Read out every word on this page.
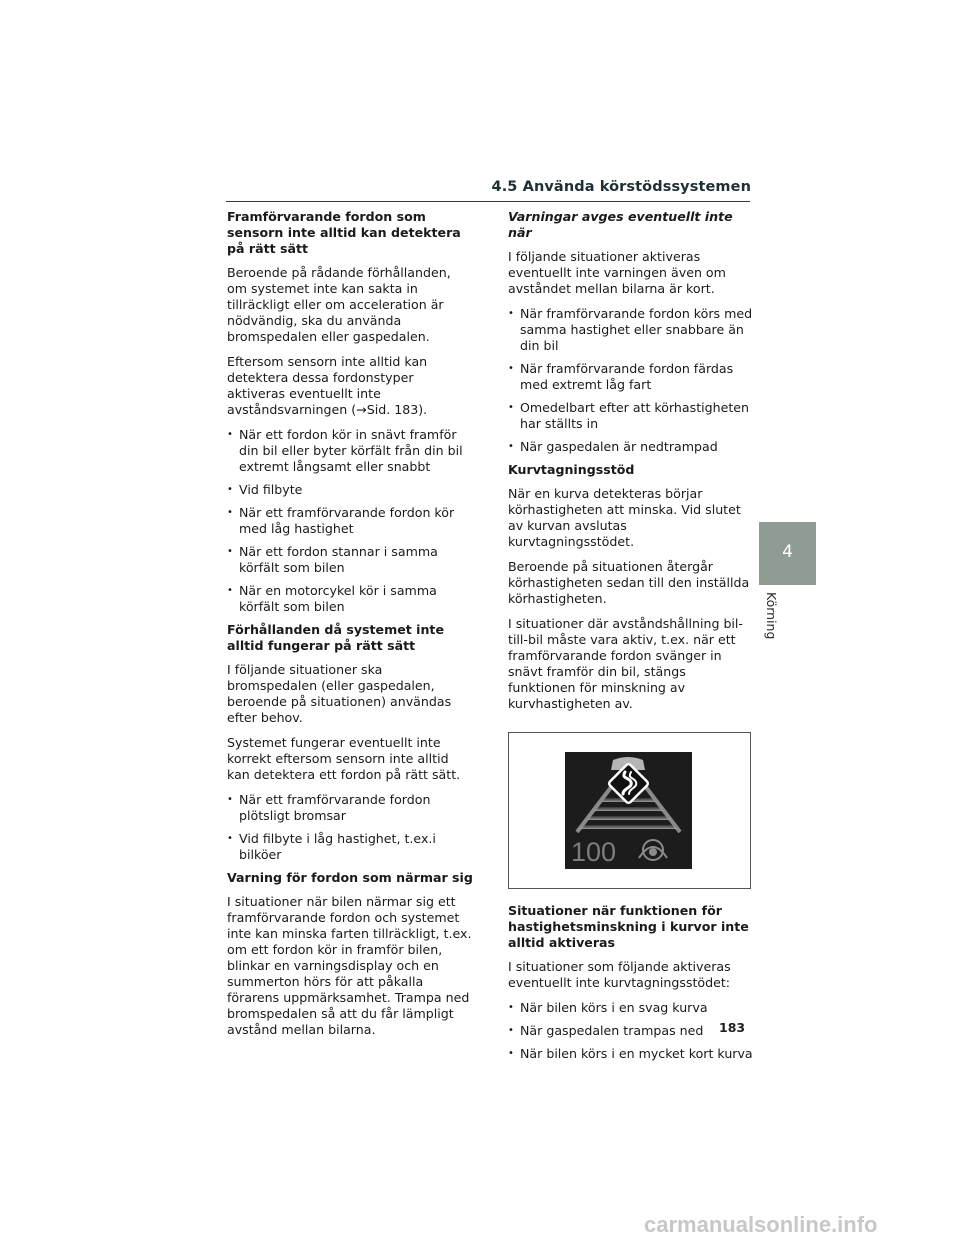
4.5 Använda körstödssystemen
Framförvarande fordon som sensorn inte alltid kan detektera på rätt sätt

Beroende på rådande förhållanden, om systemet inte kan sakta in tillräckligt eller om acceleration är nödvändig, ska du använda bromspedalen eller gaspedalen.

Eftersom sensorn inte alltid kan detektera dessa fordonstyper aktiveras eventuellt inte avståndsvarningen (→Sid. 183).

• När ett fordon kör in snävt framför din bil eller byter körfält från din bil extremt långsamt eller snabbt
• Vid filbyte
• När ett framförvarande fordon kör med låg hastighet
• När ett fordon stannar i samma körfält som bilen
• När en motorcykel kör i samma körfält som bilen
Förhållanden då systemet inte alltid fungerar på rätt sätt

I följande situationer ska bromspedalen (eller gaspedalen, beroende på situationen) användas efter behov.

Systemet fungerar eventuellt inte korrekt eftersom sensorn inte alltid kan detektera ett fordon på rätt sätt.

• När ett framförvarande fordon plötsligt bromsar
• Vid filbyte i låg hastighet, t.ex.i bilköer
Varning för fordon som närmar sig

I situationer när bilen närmar sig ett framförvarande fordon och systemet inte kan minska farten tillräckligt, t.ex. om ett fordon kör in framför bilen, blinkar en varningsdisplay och en summerton hörs för att påkalla förarens uppmärksamhet. Trampa ned bromspedalen så att du får lämpligt avstånd mellan bilarna.

Varningar avges eventuellt inte när

I följande situationer aktiveras eventuellt inte varningen även om avståndet mellan bilarna är kort.

• När framförvarande fordon körs med samma hastighet eller snabbare än din bil
• När framförvarande fordon färdas med extremt låg fart
• Omedelbart efter att körhastigheten har ställts in
• När gaspedalen är nedtrampad
Kurvtagningsstöd

När en kurva detekteras börjar körhastigheten att minska. Vid slutet av kurvan avslutas kurvtagningsstödet.

Beroende på situationen återgår körhastigheten sedan till den inställda körhastigheten.

I situationer där avståndshållning bil-till-bil måste vara aktiv, t.ex. när ett framförvarande fordon svänger in snävt framför din bil, stängs funktionen för minskning av kurvhastigheten av.

100
Situationer när funktionen för hastighetsminskning i kurvor inte alltid aktiveras

I situationer som följande aktiveras eventuellt inte kurvtagningsstödet:

• När bilen körs i en svag kurva
• När gaspedalen trampas ned
• När bilen körs i en mycket kort kurva
4
Körning
183
carmanualsonline.info
